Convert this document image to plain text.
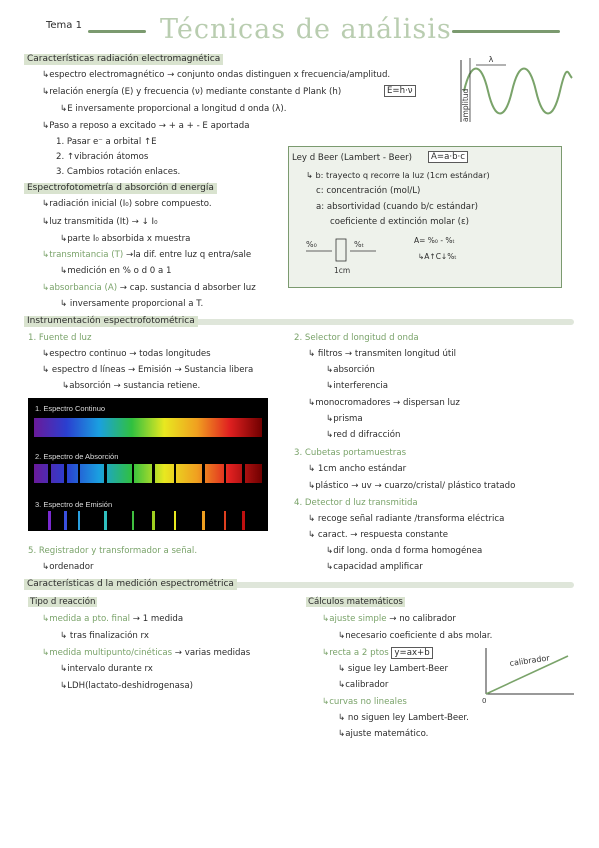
Tema 1	Técnicas de análisis
Características radiación electromagnética
↳espectro electromagnético → conjunto ondas distinguen x frecuencia/amplitud.
↳relación energía (E) y frecuencia (ν) mediante constante d Plank (h)	E=h·ν
↳E inversamente proporcional a longitud d onda (λ).
↳Paso a reposo a excitado → + a + - E aportada
1. Pasar e⁻ a orbital ↑E
2. ↑vibración átomos
3. Cambios rotación enlaces.
λ
amplitud
Espectrofotometría d absorción d energía
↳radiación inicial (I₀) sobre compuesto.
↳luz transmitida (It) → ↓ I₀
↳parte I₀ absorbida x muestra
↳transmitancia (T) →la dif. entre luz q entra/sale
↳medición en % o d 0 a 1
↳absorbancia (A) → cap. sustancia d absorber luz
↳ inversamente proporcional a T.
Ley d Beer (Lambert - Beer)	A=a·b·c
↳ b: trayecto q recorre la luz (1cm estándar)
c: concentración (mol/L)
a: absortividad (cuando b/c estándar)
coeficiente d extinción molar (ε)
%₀	%ₜ
1cm
A= %₀ - %ₜ
↳A↑C↓%ₜ
Instrumentación espectrofotométrica
1. Fuente d luz
↳espectro continuo → todas longitudes
↳ espectro d líneas → Emisión → Sustancia libera
↳absorción → sustancia retiene.
1. Espectro Continuo
2. Espectro de Absorción
3. Espectro de Emisión
5. Registrador y transformador a señal.
↳ordenador
2. Selector d longitud d onda
↳ filtros → transmiten longitud útil
↳absorción
↳interferencia
↳monocromadores → dispersan luz
↳prisma
↳red d difracción
3. Cubetas portamuestras
↳ 1cm ancho estándar
↳plástico → uv → cuarzo/cristal/ plástico tratado
4. Detector d luz transmitida
↳ recoge señal radiante /transforma eléctrica
↳ caract. → respuesta constante
↳dif long. onda d forma homogénea
↳capacidad amplificar
Características d la medición espectrométrica
Tipo d reacción
↳medida a pto. final → 1 medida
↳ tras finalización rx
↳medida multipunto/cinéticas → varias medidas
↳intervalo durante rx
↳LDH(lactato-deshidrogenasa)
Cálculos matemáticos
↳ajuste simple → no calibrador
↳necesario coeficiente d abs molar.
↳recta a 2 ptos y=ax+b
↳ sigue ley Lambert-Beer
↳calibrador
↳curvas no lineales
↳ no siguen ley Lambert-Beer.
↳ajuste matemático.
calibrador
0
